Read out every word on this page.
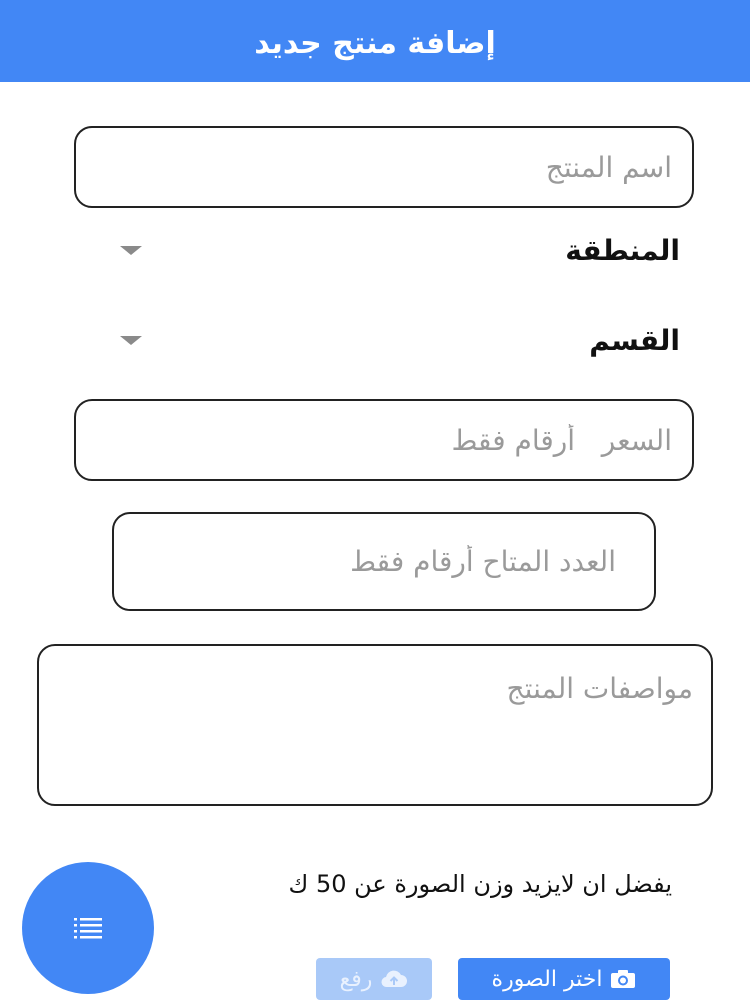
إضافة منتج جديد
اسم المنتج
المنطقة
القسم
السعر أرقام فقط
العدد المتاح أرقام فقط
مواصفات المنتج
يفضل ان لايزيد وزن الصورة عن 50 ك
اختر الصورة
رفع
